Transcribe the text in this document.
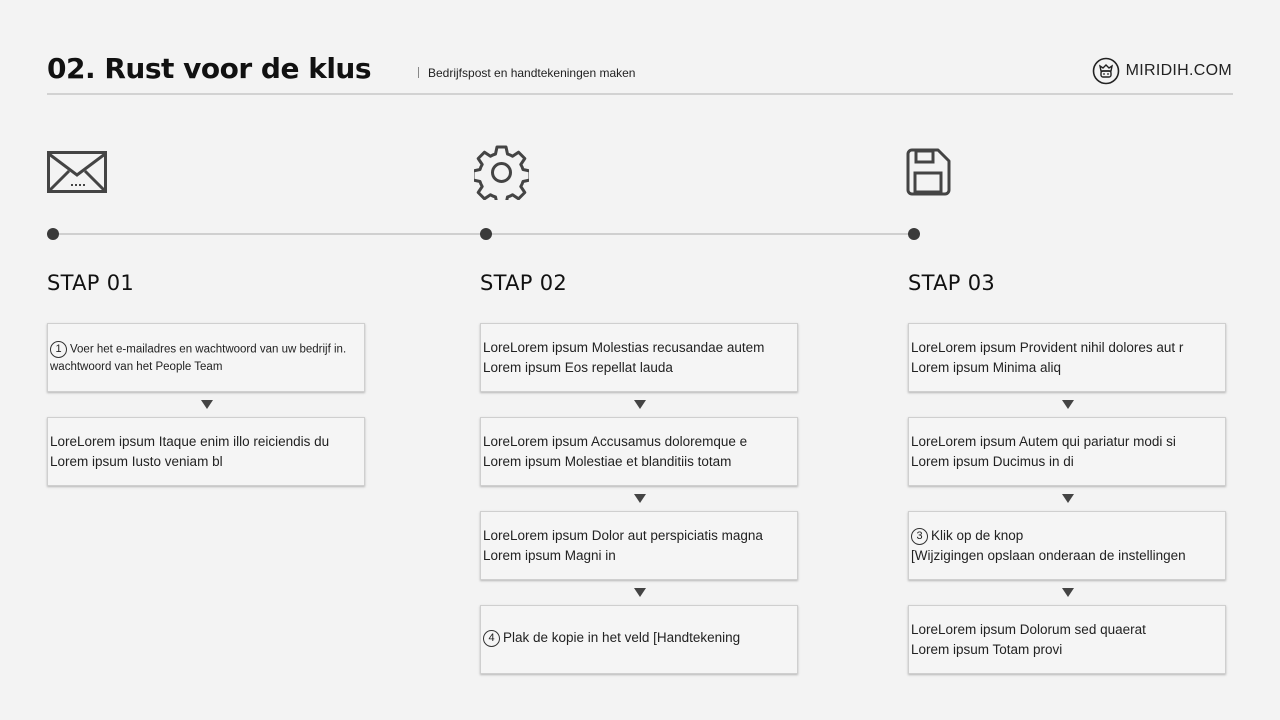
02. Rust voor de klus	Bedrijfspost en handtekeningen maken	MIRIDIH.COM
STAP 01	STAP 02	STAP 03
1 Voer het e-mailadres en wachtwoord van uw bedrijf in.
wachtwoord van het People Team
LoreLorem ipsum Itaque enim illo reiciendis du
Lorem ipsum Iusto veniam bl
LoreLorem ipsum Molestias recusandae autem
Lorem ipsum Eos repellat lauda
LoreLorem ipsum Accusamus doloremque e
Lorem ipsum Molestiae et blanditiis totam
LoreLorem ipsum Dolor aut perspiciatis magna
Lorem ipsum Magni in
4 Plak de kopie in het veld [Handtekening
LoreLorem ipsum Provident nihil dolores aut r
Lorem ipsum Minima aliq
LoreLorem ipsum Autem qui pariatur modi si
Lorem ipsum Ducimus in di
3 Klik op de knop
[Wijzigingen opslaan onderaan de instellingen
LoreLorem ipsum Dolorum sed quaerat
Lorem ipsum Totam provi
